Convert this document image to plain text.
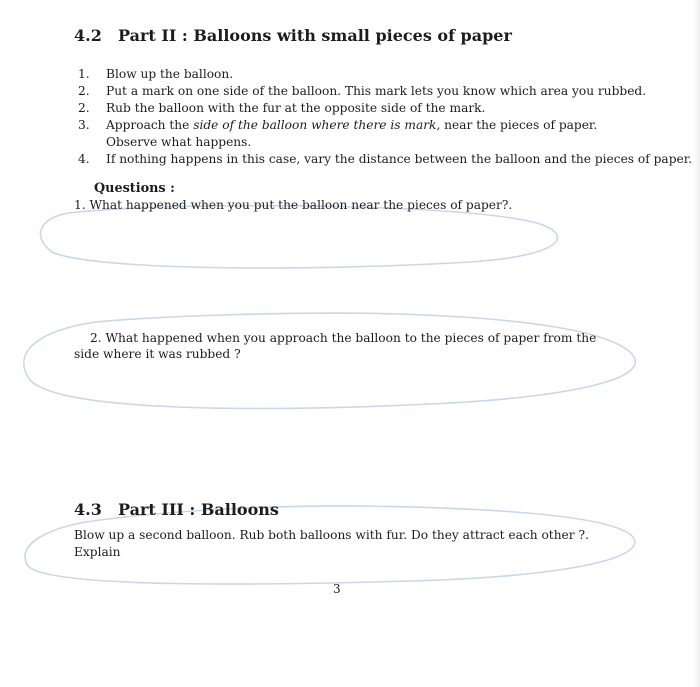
4.2 Part II : Balloons with small pieces of paper
1. Blow up the balloon.
2. Put a mark on one side of the balloon. This mark lets you know which area you rubbed.
2. Rub the balloon with the fur at the opposite side of the mark.
3. Approach the side of the balloon where there is mark, near the pieces of paper.
Observe what happens.
4. If nothing happens in this case, vary the distance between the balloon and the pieces of paper.
Questions :
1. What happened when you put the balloon near the pieces of paper?.
2. What happened when you approach the balloon to the pieces of paper from the
side where it was rubbed ?
4.3 Part III : Balloons
Blow up a second balloon. Rub both balloons with fur. Do they attract each other ?.
Explain
3
